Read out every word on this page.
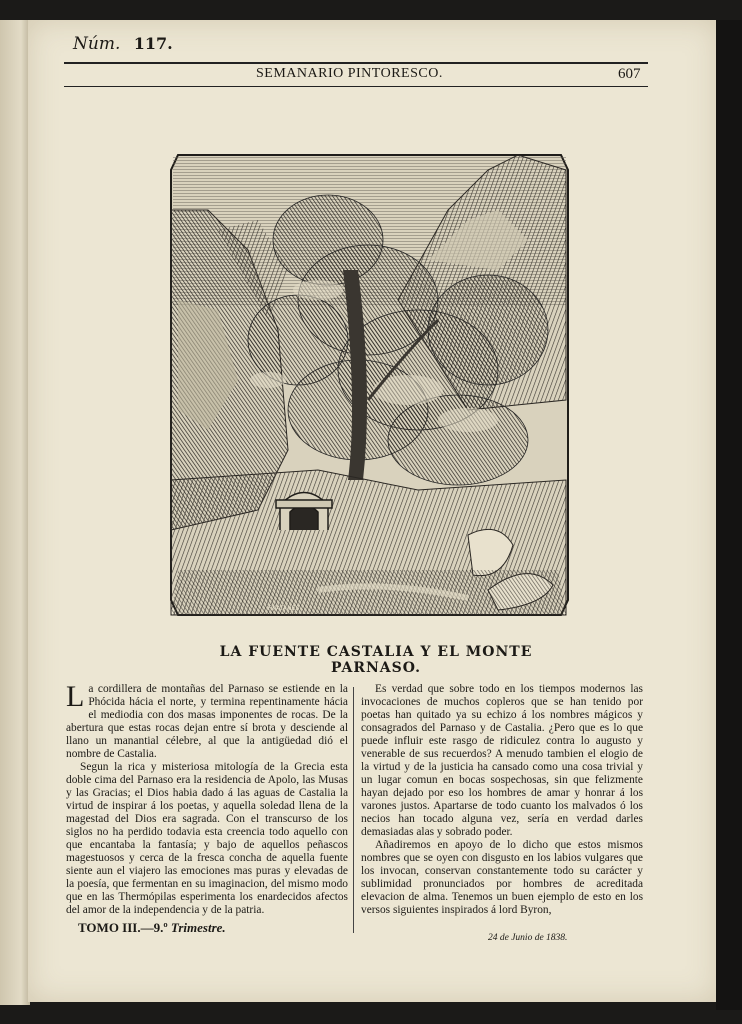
Núm. 117.
SEMANARIO PINTORESCO.	607
F.KATANES
LA FUENTE CASTALIA Y EL MONTE PARNASO.

La cordillera de montañas del Parnaso se estiende en la Phócida hácia el norte, y termina repentinamente hácia el mediodia con dos masas imponentes de rocas. De la abertura que estas rocas dejan entre sí brota y desciende al llano un manantial célebre, al que la antigüedad dió el nombre de Castalia.

Segun la rica y misteriosa mitología de la Grecia esta doble cima del Parnaso era la residencia de Apolo, las Musas y las Gracias; el Dios habia dado á las aguas de Castalia la virtud de inspirar á los poetas, y aquella soledad llena de la magestad del Dios era sagrada. Con el transcurso de los siglos no ha perdido todavia esta creencia todo aquello con que encantaba la fantasía; y bajo de aquellos peñascos magestuosos y cerca de la fresca concha de aquella fuente siente aun el viajero las emociones mas puras y elevadas de la poesía, que fermentan en su imaginacion, del mismo modo que en las Thermópilas esperimenta los enardecidos afectos del amor de la independencia y de la patria.

Es verdad que sobre todo en los tiempos modernos las invocaciones de muchos copleros que se han tenido por poetas han quitado ya su echizo á los nombres mágicos y consagrados del Parnaso y de Castalia. ¿Pero que es lo que puede influir este rasgo de ridiculez contra lo augusto y venerable de sus recuerdos? A menudo tambien el elogio de la virtud y de la justicia ha cansado como una cosa trivial y un lugar comun en bocas sospechosas, sin que felizmente hayan dejado por eso los hombres de amar y honrar á los varones justos. Apartarse de todo cuanto los malvados ó los necios han tocado alguna vez, sería en verdad darles demasiadas alas y sobrado poder.

Añadiremos en apoyo de lo dicho que estos mismos nombres que se oyen con disgusto en los labios vulgares que los invocan, conservan constantemente todo su carácter y sublimidad pronunciados por hombres de acreditada elevacion de alma. Tenemos un buen ejemplo de esto en los versos siguientes inspirados á lord Byron,

TOMO III.—9.º Trimestre.
24 de Junio de 1838.
